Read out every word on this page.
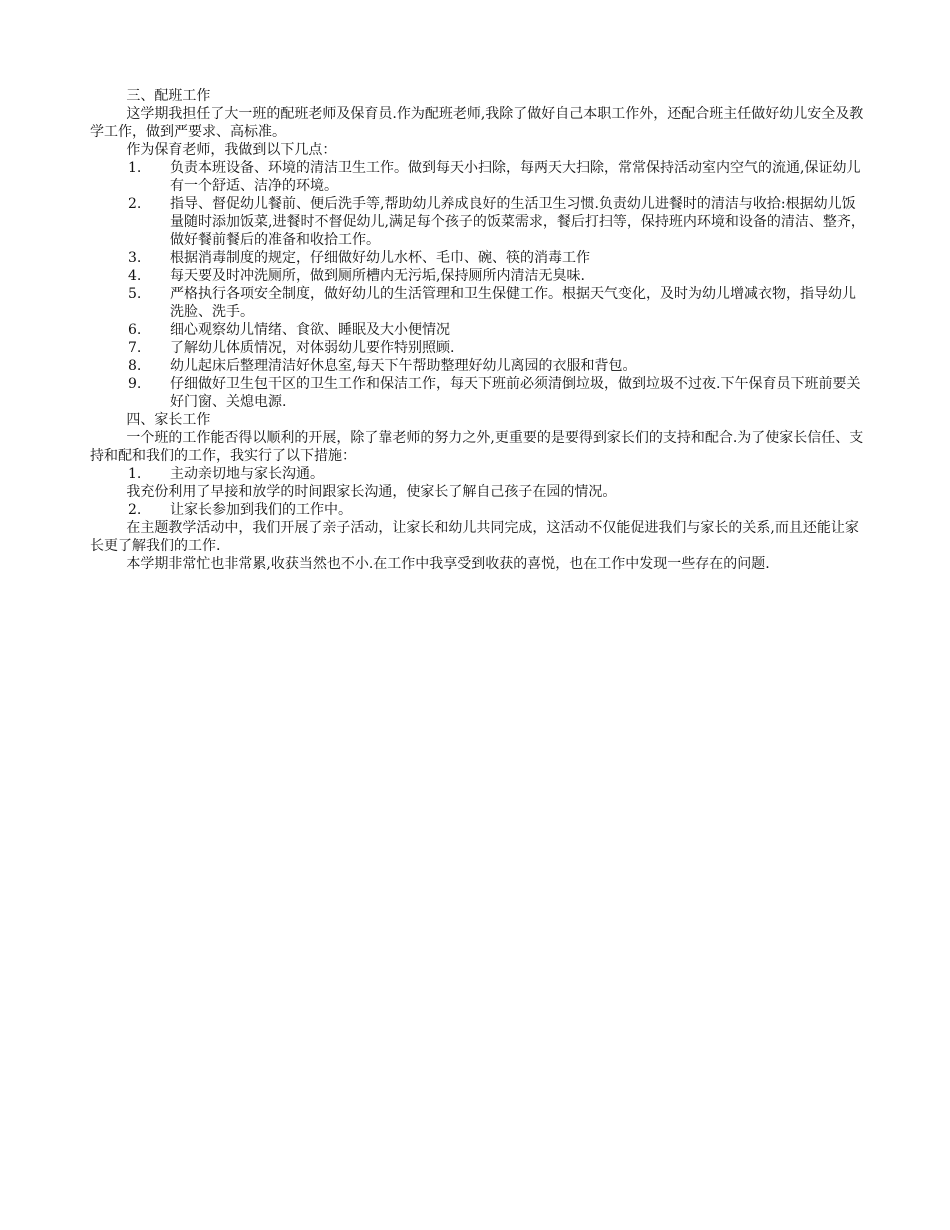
三、配班工作

这学期我担任了大一班的配班老师及保育员.作为配班老师,我除了做好自己本职工作外，还配合班主任做好幼儿安全及教学工作，做到严要求、高标准。

作为保育老师，我做到以下几点：

1.	负责本班设备、环境的清洁卫生工作。做到每天小扫除，每两天大扫除，常常保持活动室内空气的流通,保证幼儿有一个舒适、洁净的环境。
2.	指导、督促幼儿餐前、便后洗手等,帮助幼儿养成良好的生活卫生习惯.负责幼儿进餐时的清洁与收拾:根据幼儿饭量随时添加饭菜,进餐时不督促幼儿,满足每个孩子的饭菜需求，餐后打扫等，保持班内环境和设备的清洁、整齐，做好餐前餐后的准备和收拾工作。
3.	根据消毒制度的规定，仔细做好幼儿水杯、毛巾、碗、筷的消毒工作
4.	每天要及时冲洗厕所，做到厕所槽内无污垢,保持厕所内清洁无臭味.
5.	严格执行各项安全制度，做好幼儿的生活管理和卫生保健工作。根据天气变化，及时为幼儿增减衣物，指导幼儿洗脸、洗手。
6.	细心观察幼儿情绪、食欲、睡眠及大小便情况
7.	了解幼儿体质情况，对体弱幼儿要作特别照顾.
8.	幼儿起床后整理清洁好休息室,每天下午帮助整理好幼儿离园的衣服和背包。
9.	仔细做好卫生包干区的卫生工作和保洁工作，每天下班前必须清倒垃圾，做到垃圾不过夜.下午保育员下班前要关好门窗、关熄电源.

四、家长工作

一个班的工作能否得以顺利的开展，除了靠老师的努力之外,更重要的是要得到家长们的支持和配合.为了使家长信任、支持和配和我们的工作，我实行了以下措施：

1.	主动亲切地与家长沟通。

我充份利用了早接和放学的时间跟家长沟通，使家长了解自己孩子在园的情况。

2.	让家长参加到我们的工作中。

在主题教学活动中，我们开展了亲子活动，让家长和幼儿共同完成，这活动不仅能促进我们与家长的关系,而且还能让家长更了解我们的工作.

本学期非常忙也非常累,收获当然也不小.在工作中我享受到收获的喜悦，也在工作中发现一些存在的问题.
